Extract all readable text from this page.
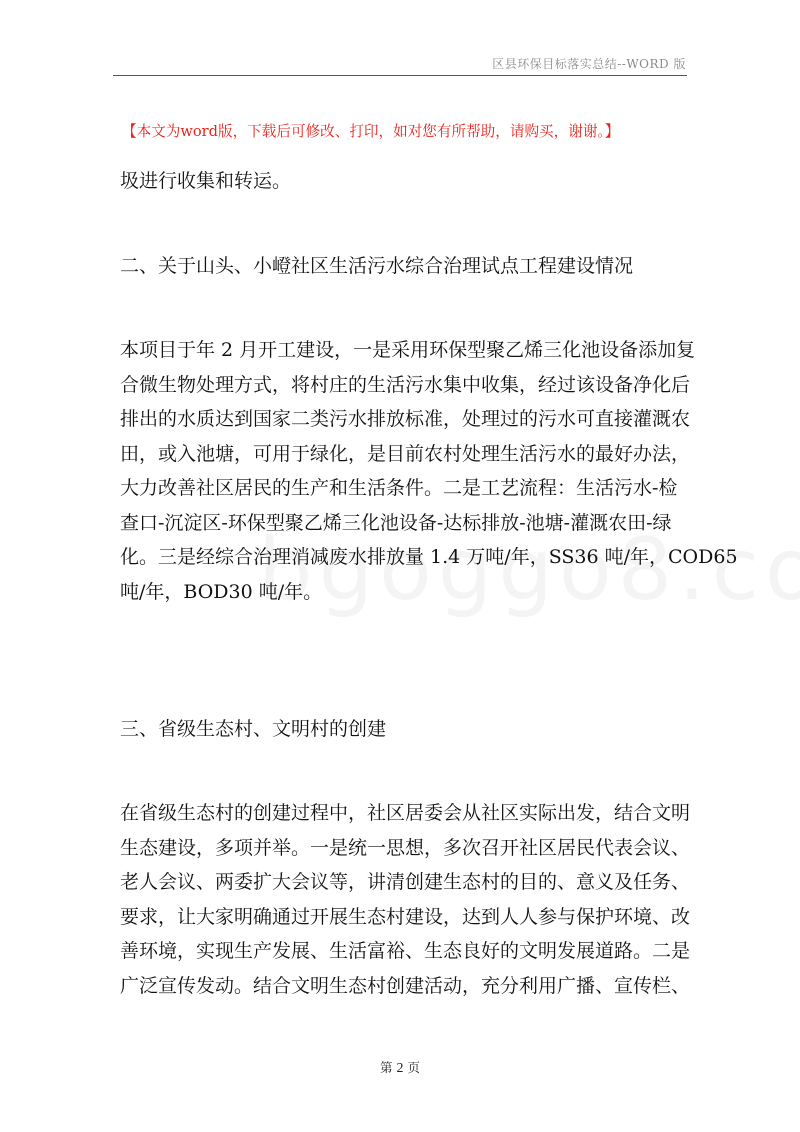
区县环保目标落实总结--WORD 版
【本文为word版，下载后可修改、打印，如对您有所帮助，请购买，谢谢。】
圾进行收集和转运。
二、关于山头、小嶝社区生活污水综合治理试点工程建设情况
本项目于年 2 月开工建设，一是采用环保型聚乙烯三化池设备添加复
合微生物处理方式，将村庄的生活污水集中收集，经过该设备净化后
排出的水质达到国家二类污水排放标准，处理过的污水可直接灌溉农
田，或入池塘，可用于绿化，是目前农村处理生活污水的最好办法，
大力改善社区居民的生产和生活条件。二是工艺流程：生活污水-检
查口-沉淀区-环保型聚乙烯三化池设备-达标排放-池塘-灌溉农田-绿
化。三是经综合治理消减废水排放量 1.4 万吨/年，SS36 吨/年，COD65
吨/年，BOD30 吨/年。
三、省级生态村、文明村的创建
在省级生态村的创建过程中，社区居委会从社区实际出发，结合文明
生态建设，多项并举。一是统一思想，多次召开社区居民代表会议、
老人会议、两委扩大会议等，讲清创建生态村的目的、意义及任务、
要求，让大家明确通过开展生态村建设，达到人人参与保护环境、改
善环境，实现生产发展、生活富裕、生态良好的文明发展道路。二是
广泛宣传发动。结合文明生态村创建活动，充分利用广播、宣传栏、
第 2 页
